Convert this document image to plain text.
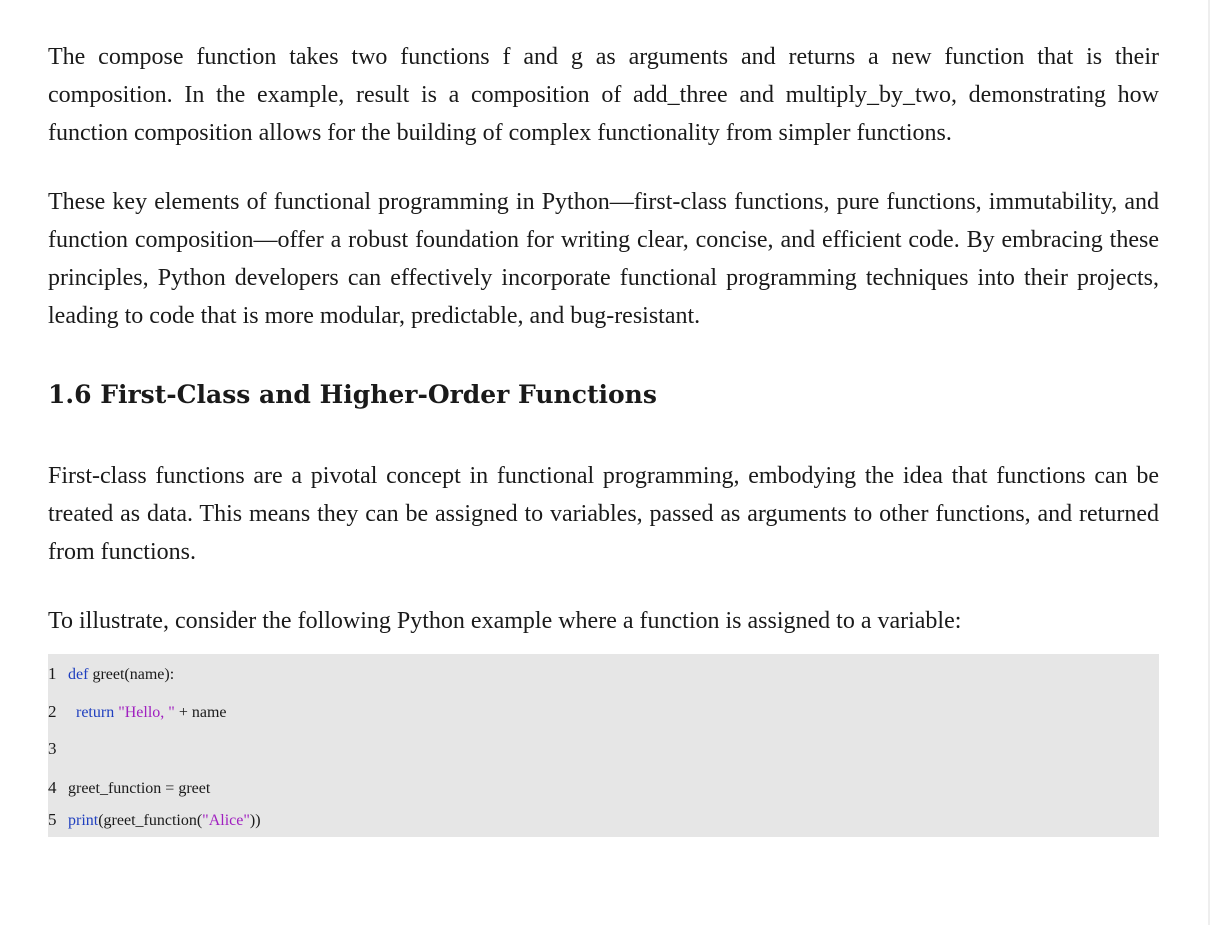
The compose function takes two functions f and g as arguments and returns a new function that is their composition. In the example, result is a composition of add_three and multiply_by_two, demonstrating how function composition allows for the building of complex functionality from simpler functions.

These key elements of functional programming in Python—first-class functions, pure functions, immutability, and function composition—offer a robust foundation for writing clear, concise, and efficient code. By embracing these principles, Python developers can effectively incorporate functional programming techniques into their projects, leading to code that is more modular, predictable, and bug-resistant.

1.6 First-Class and Higher-Order Functions

First-class functions are a pivotal concept in functional programming, embodying the idea that functions can be treated as data. This means they can be assigned to variables, passed as arguments to other functions, and returned from functions.

To illustrate, consider the following Python example where a function is assigned to a variable:

1 def greet(name):
2 return "Hello, " + name
3
4 greet_function = greet
5 print(greet_function("Alice"))
